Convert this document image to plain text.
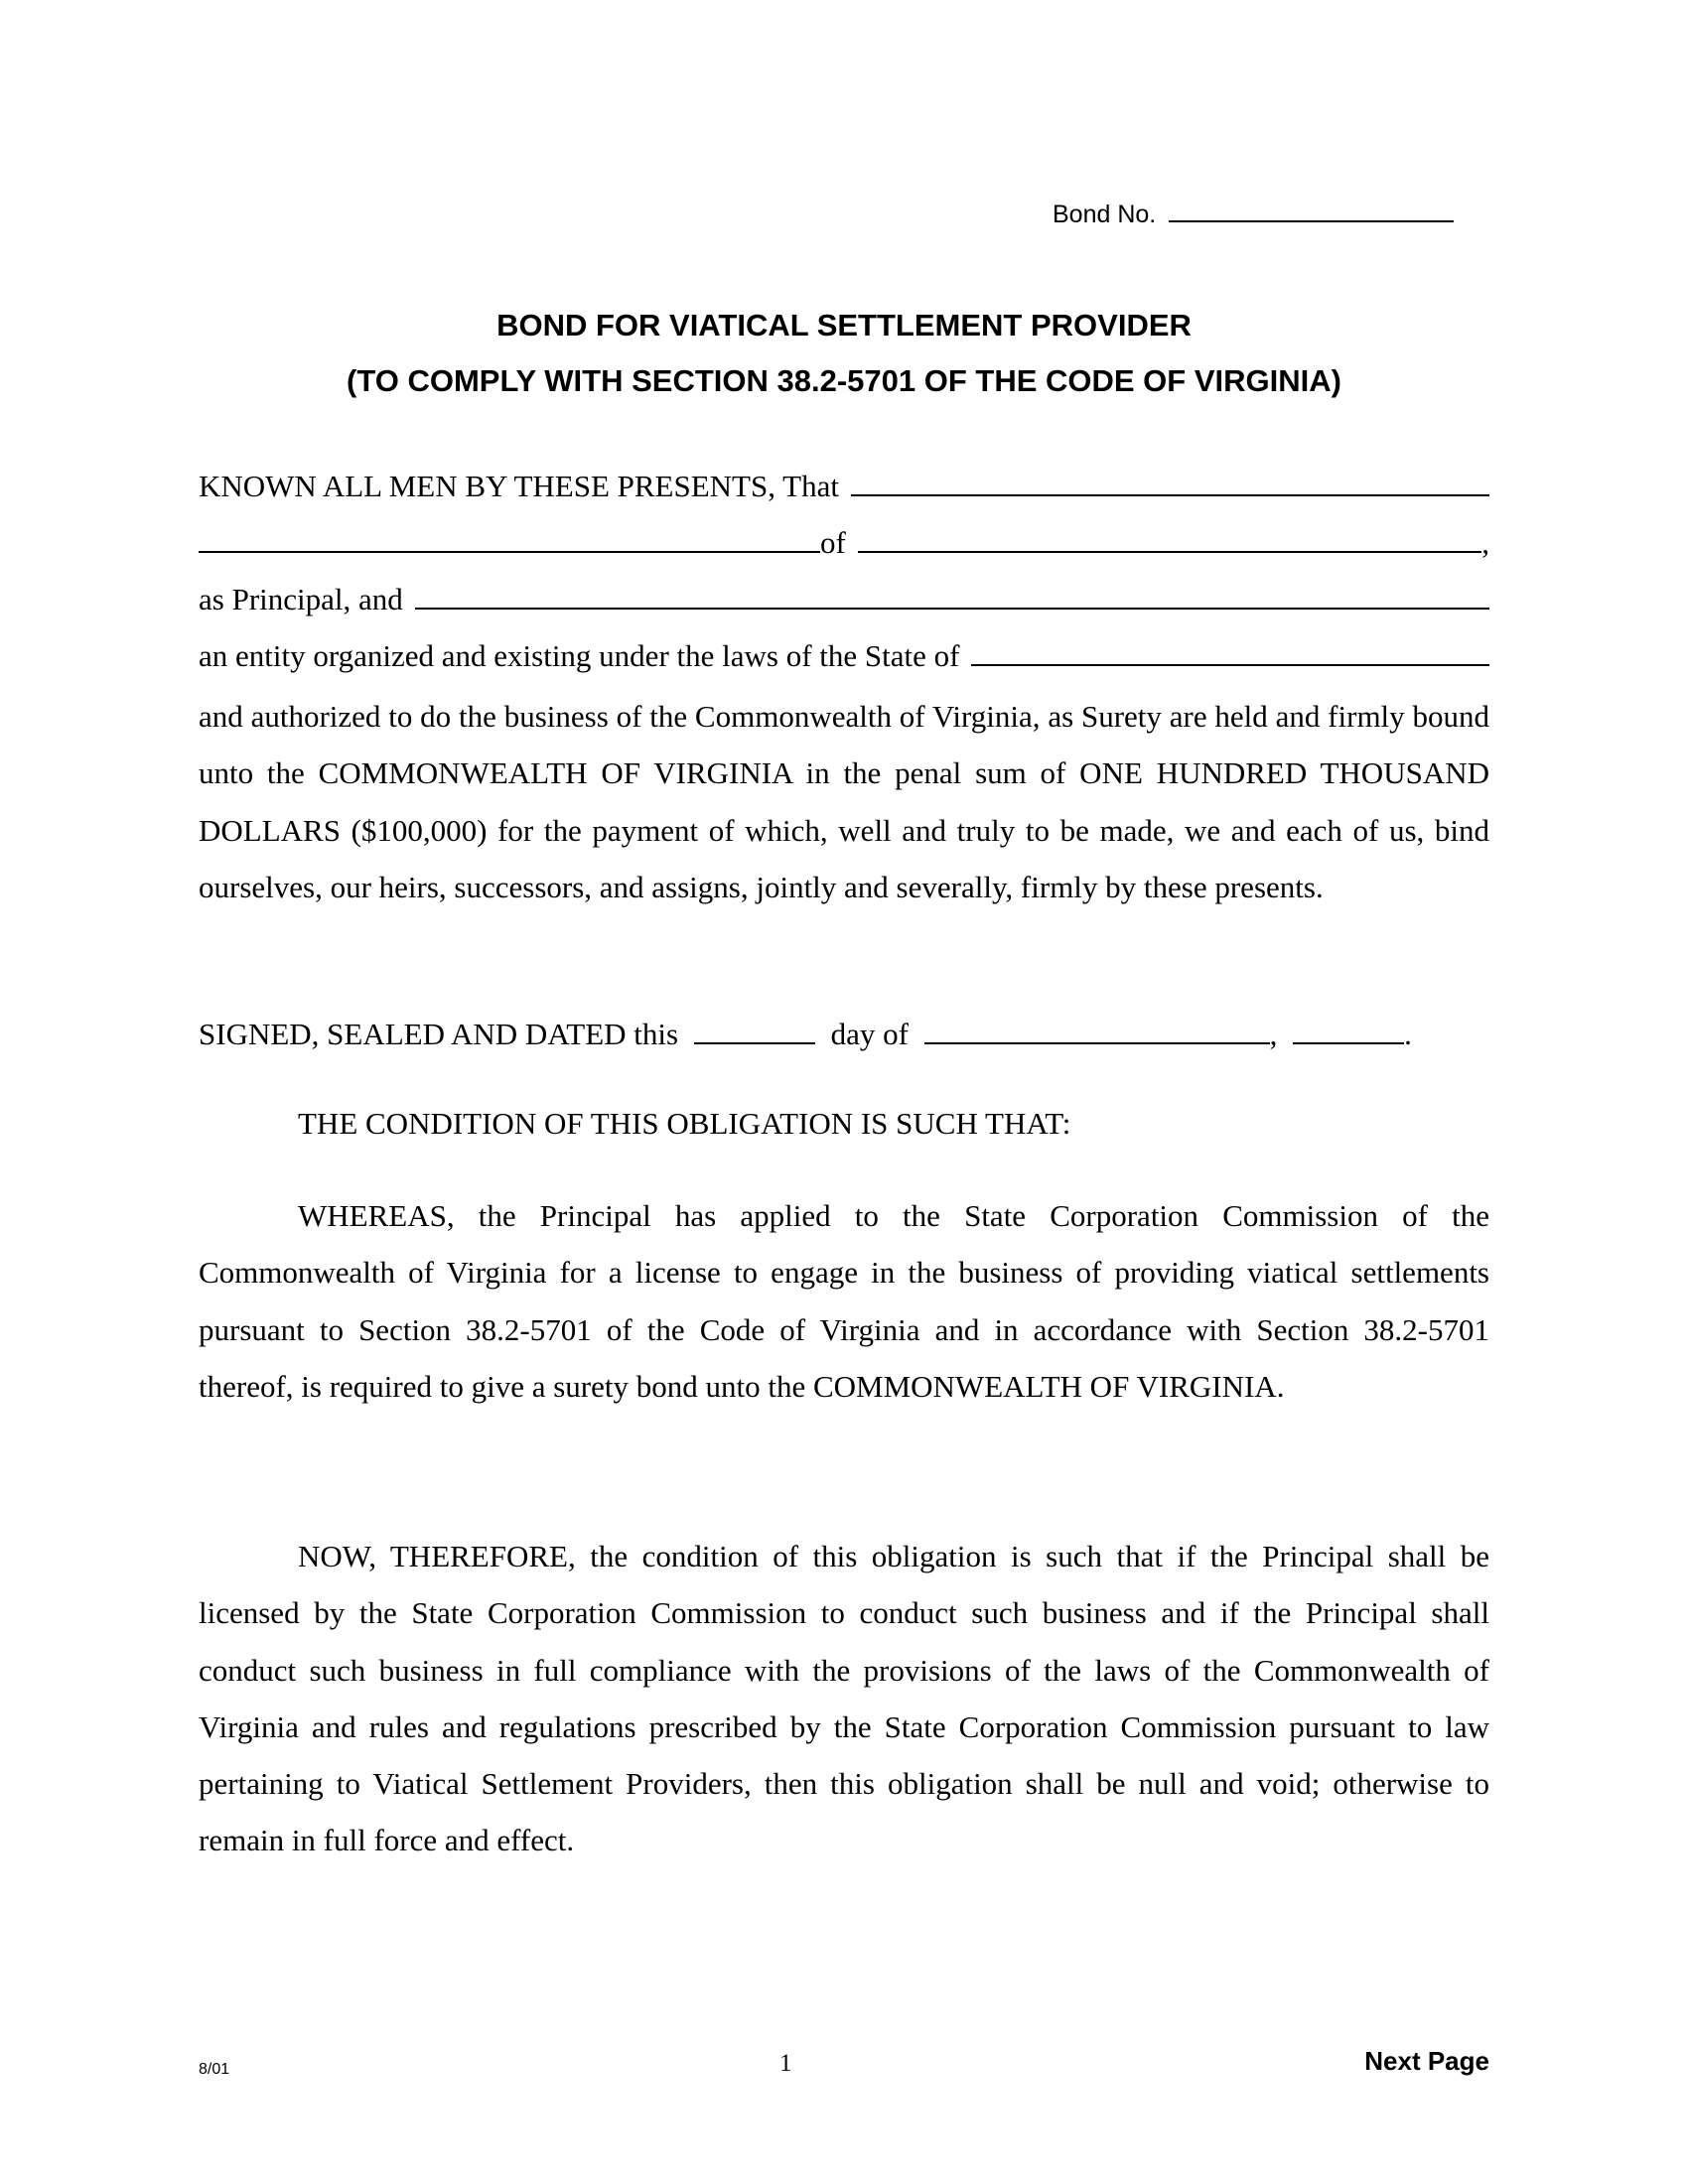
Bond No.
BOND FOR VIATICAL SETTLEMENT PROVIDER
(TO COMPLY WITH SECTION 38.2-5701 OF THE CODE OF VIRGINIA)
KNOWN ALL MEN BY THESE PRESENTS, That
of	,
as Principal, and
an entity organized and existing under the laws of the State of
and authorized to do the business of the Commonwealth of Virginia, as Surety are held and firmly bound unto the COMMONWEALTH OF VIRGINIA in the penal sum of ONE HUNDRED THOUSAND DOLLARS ($100,000) for the payment of which, well and truly to be made, we and each of us, bind ourselves, our heirs, successors, and assigns, jointly and severally, firmly by these presents.
SIGNED, SEALED AND DATED this	day of	,	.
THE CONDITION OF THIS OBLIGATION IS SUCH THAT:
WHEREAS, the Principal has applied to the State Corporation Commission of the Commonwealth of Virginia for a license to engage in the business of providing viatical settlements pursuant to Section 38.2-5701 of the Code of Virginia and in accordance with Section 38.2-5701 thereof, is required to give a surety bond unto the COMMONWEALTH OF VIRGINIA.
NOW, THEREFORE, the condition of this obligation is such that if the Principal shall be licensed by the State Corporation Commission to conduct such business and if the Principal shall conduct such business in full compliance with the provisions of the laws of the Commonwealth of Virginia and rules and regulations prescribed by the State Corporation Commission pursuant to law pertaining to Viatical Settlement Providers, then this obligation shall be null and void; otherwise to remain in full force and effect.
8/01	1	Next Page
